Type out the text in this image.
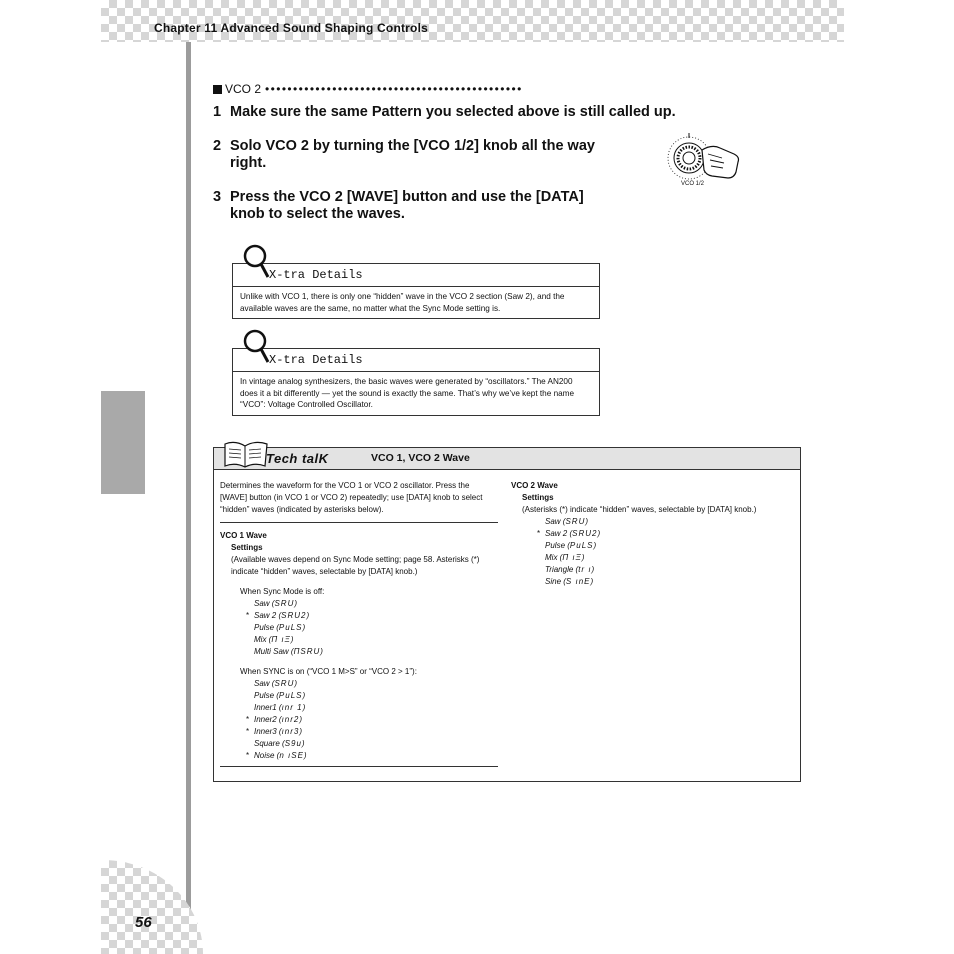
Chapter 11 Advanced Sound Shaping Controls
56
VCO 2 ••••••••••••••••••••••••••••••••••••••••••••••
1 Make sure the same Pattern you selected above is still called up.
2 Solo VCO 2 by turning the [VCO 1/2] knob all the way right.
3 Press the VCO 2 [WAVE] button and use the [DATA] knob to select the waves.
VCO 1/2
X-tra Details
Unlike with VCO 1, there is only one “hidden” wave in the VCO 2 section (Saw 2), and the available waves are the same, no matter what the Sync Mode setting is.
X-tra Details
In vintage analog synthesizers, the basic waves were generated by “oscillators.” The AN200 does it a bit differently — yet the sound is exactly the same. That’s why we’ve kept the name “VCO”: Voltage Controlled Oscillator.
Tech talK	VCO 1, VCO 2 Wave
Determines the waveform for the VCO 1 or VCO 2 oscillator. Press the [WAVE] button (in VCO 1 or VCO 2) repeatedly; use [DATA] knob to select “hidden” waves (indicated by asterisks below).
VCO 1 Wave
Settings
(Available waves depend on Sync Mode setting; page 58. Asterisks (*) indicate “hidden” waves, selectable by [DATA] knob.)
When Sync Mode is off:
Saw (SRU)
* Saw 2 (SRU2)
Pulse (PuLS)
Mix (Π ıΞ)
Multi Saw (ΠSRU)
When SYNC is on (“VCO 1 M>S” or “VCO 2 > 1”):
Saw (SRU)
Pulse (PuLS)
Inner1 (ınr 1)
* Inner2 (ınr2)
* Inner3 (ınr3)
Square (S9u)
* Noise (n ıSE)
VCO 2 Wave
Settings
(Asterisks (*) indicate “hidden” waves, selectable by [DATA] knob.)
Saw (SRU)
* Saw 2 (SRU2)
Pulse (PuLS)
Mix (Π ıΞ)
Triangle (tr ı)
Sine (S ınE)
